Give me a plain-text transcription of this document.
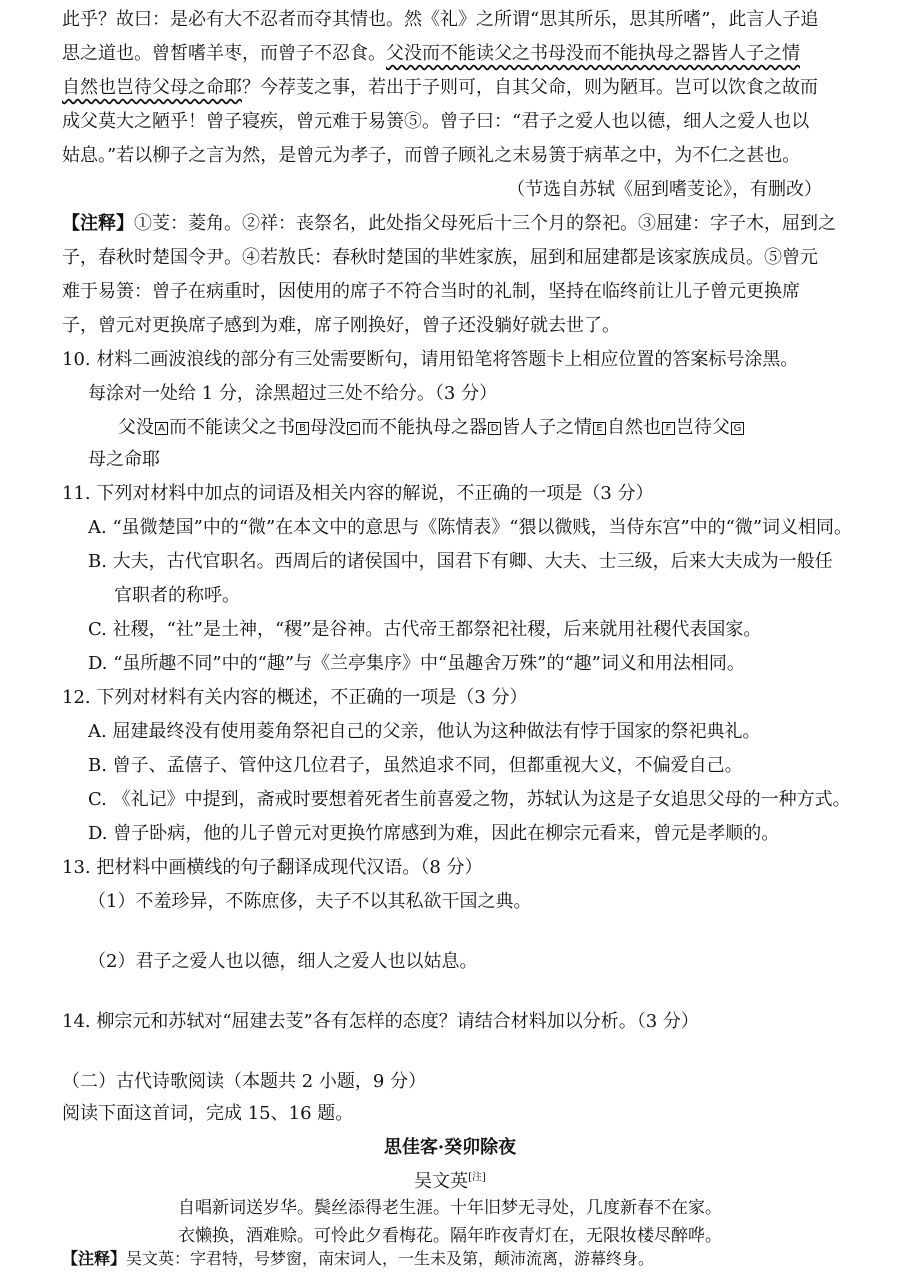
此乎？故曰：是必有大不忍者而夺其情也。然《礼》之所谓“思其所乐，思其所嗜”，此言人子追
思之道也。曾皙嗜羊枣，而曾子不忍食。父没而不能读父之书母没而不能执母之器皆人子之情
自然也岂待父母之命耶？今荐芰之事，若出于子则可，自其父命，则为陋耳。岂可以饮食之故而
成父莫大之陋乎！曾子寝疾，曾元难于易箦⑤。曾子曰：“君子之爱人也以德，细人之爱人也以
姑息。”若以柳子之言为然，是曾元为孝子，而曾子顾礼之末易箦于病革之中，为不仁之甚也。
（节选自苏轼《屈到嗜芰论》，有删改）
【注释】①芰：菱角。②祥：丧祭名，此处指父母死后十三个月的祭祀。③屈建：字子木，屈到之
子，春秋时楚国令尹。④若敖氏：春秋时楚国的芈姓家族，屈到和屈建都是该家族成员。⑤曾元
难于易箦：曾子在病重时，因使用的席子不符合当时的礼制，坚持在临终前让儿子曾元更换席
子，曾元对更换席子感到为难，席子刚换好，曾子还没躺好就去世了。
10. 材料二画波浪线的部分有三处需要断句，请用铅笔将答题卡上相应位置的答案标号涂黑。
每涂对一处给 1 分，涂黑超过三处不给分。（3 分）
父没 A 而不能读父之书 B 母没 C 而不能执母之器 D 皆人子之情 E 自然也 F 岂待父 G
母之命耶
11. 下列对材料中加点的词语及相关内容的解说，不正确的一项是（3 分）
A. “虽微楚国”中的“微”在本文中的意思与《陈情表》“猥以微贱，当侍东宫”中的“微”词义相同。
B. 大夫，古代官职名。西周后的诸侯国中，国君下有卿、大夫、士三级，后来大夫成为一般任
官职者的称呼。
C. 社稷，“社”是土神，“稷”是谷神。古代帝王都祭祀社稷，后来就用社稷代表国家。
D. “虽所趣不同”中的“趣”与《兰亭集序》中“虽趣舍万殊”的“趣”词义和用法相同。
12. 下列对材料有关内容的概述，不正确的一项是（3 分）
A. 屈建最终没有使用菱角祭祀自己的父亲，他认为这种做法有悖于国家的祭祀典礼。
B. 曾子、孟僖子、管仲这几位君子，虽然追求不同，但都重视大义，不偏爱自己。
C. 《礼记》中提到，斋戒时要想着死者生前喜爱之物，苏轼认为这是子女追思父母的一种方式。
D. 曾子卧病，他的儿子曾元对更换竹席感到为难，因此在柳宗元看来，曾元是孝顺的。
13. 把材料中画横线的句子翻译成现代汉语。（8 分）
（1）不羞珍异，不陈庶侈，夫子不以其私欲干国之典。
（2）君子之爱人也以德，细人之爱人也以姑息。
14. 柳宗元和苏轼对“屈建去芰”各有怎样的态度？请结合材料加以分析。（3 分）
（二）古代诗歌阅读（本题共 2 小题，9 分）
阅读下面这首词，完成 15、16 题。
思佳客·癸卯除夜
吴文英[注]
自唱新词送岁华。鬓丝添得老生涯。十年旧梦无寻处，几度新春不在家。
衣懒换，酒难赊。可怜此夕看梅花。隔年昨夜青灯在，无限妆楼尽醉哗。
【注释】吴文英：字君特，号梦窗，南宋词人，一生未及第，颠沛流离，游幕终身。
